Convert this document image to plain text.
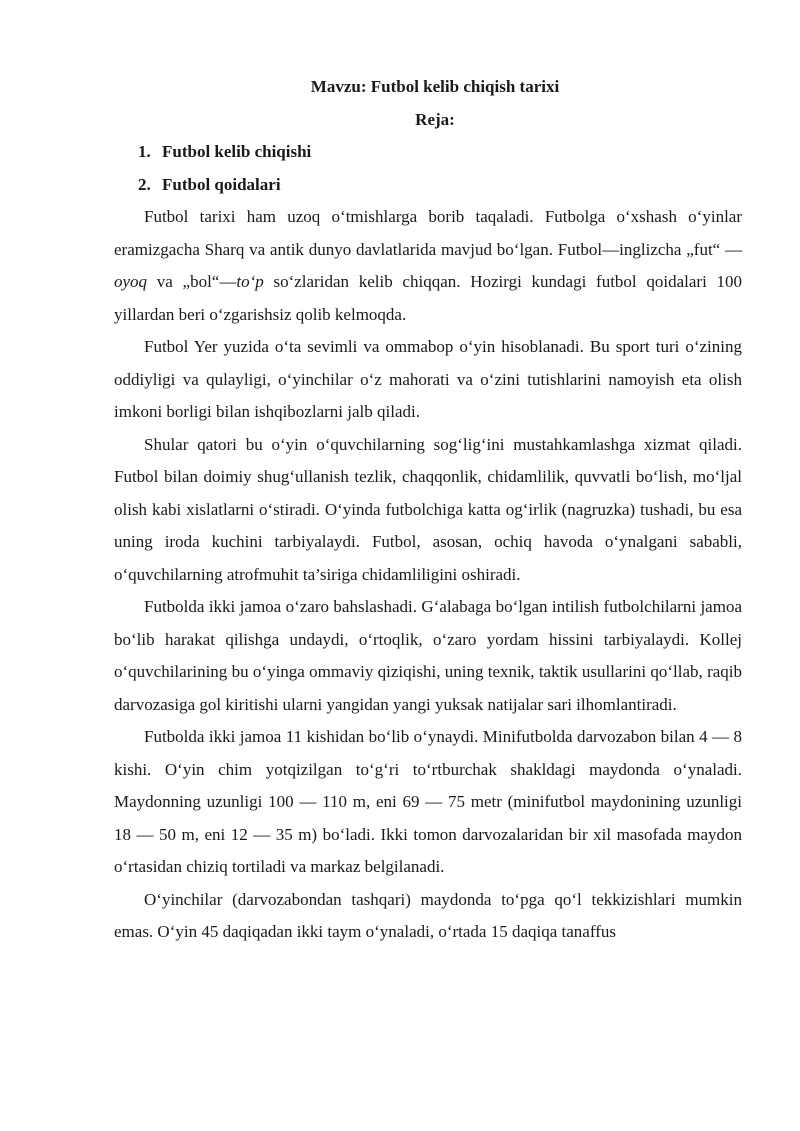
Mavzu: Futbol kelib chiqish tarixi

Reja:

1. Futbol kelib chiqishi
2. Futbol qoidalari

Futbol tarixi ham uzoq o‘tmishlarga borib taqaladi. Futbolga o‘xshash o‘yinlar eramizgacha Sharq va antik dunyo davlatlarida mavjud bo‘lgan. Futbol—inglizcha „fut“ —oyoq va „bol“—to‘p so‘zlaridan kelib chiqqan. Hozirgi kundagi futbol qoidalari 100 yillardan beri o‘zgarishsiz qolib kelmoqda.

Futbol Yer yuzida o‘ta sevimli va ommabop o‘yin hisoblanadi. Bu sport turi o‘zining oddiyligi va qulayligi, o‘yinchilar o‘z mahorati va o‘zini tutishlarini namoyish eta olish imkoni borligi bilan ishqibozlarni jalb qiladi.

Shular qatori bu o‘yin o‘quvchilarning sog‘lig‘ini mustahkamlashga xizmat qiladi. Futbol bilan doimiy shug‘ullanish tezlik, chaqqonlik, chidamlilik, quvvatli bo‘lish, mo‘ljal olish kabi xislatlarni o‘stiradi. O‘yinda futbolchiga katta og‘irlik (nagruzka) tushadi, bu esa uning iroda kuchini tarbiyalaydi. Futbol, asosan, ochiq havoda o‘ynalgani sababli, o‘quvchilarning atrofmuhit ta’siriga chidamliligini oshiradi.

Futbolda ikki jamoa o‘zaro bahslashadi. G‘alabaga bo‘lgan intilish futbolchilarni jamoa bo‘lib harakat qilishga undaydi, o‘rtoqlik, o‘zaro yordam hissini tarbiyalaydi. Kollej o‘quvchilarining bu o‘yinga ommaviy qiziqishi, uning texnik, taktik usullarini qo‘llab, raqib darvozasiga gol kiritishi ularni yangidan yangi yuksak natijalar sari ilhomlantiradi.

Futbolda ikki jamoa 11 kishidan bo‘lib o‘ynaydi. Minifutbolda darvozabon bilan 4 — 8 kishi. O‘yin chim yotqizilgan to‘g‘ri to‘rtburchak shakldagi maydonda o‘ynaladi. Maydonning uzunligi 100 — 110 m, eni 69 — 75 metr (minifutbol maydonining uzunligi 18 — 50 m, eni 12 — 35 m) bo‘ladi. Ikki tomon darvozalaridan bir xil masofada maydon o‘rtasidan chiziq tortiladi va markaz belgilanadi.

O‘yinchilar (darvozabondan tashqari) maydonda to‘pga qo‘l tekkizishlari mumkin emas. O‘yin 45 daqiqadan ikki taym o‘ynaladi, o‘rtada 15 daqiqa tanaffus
